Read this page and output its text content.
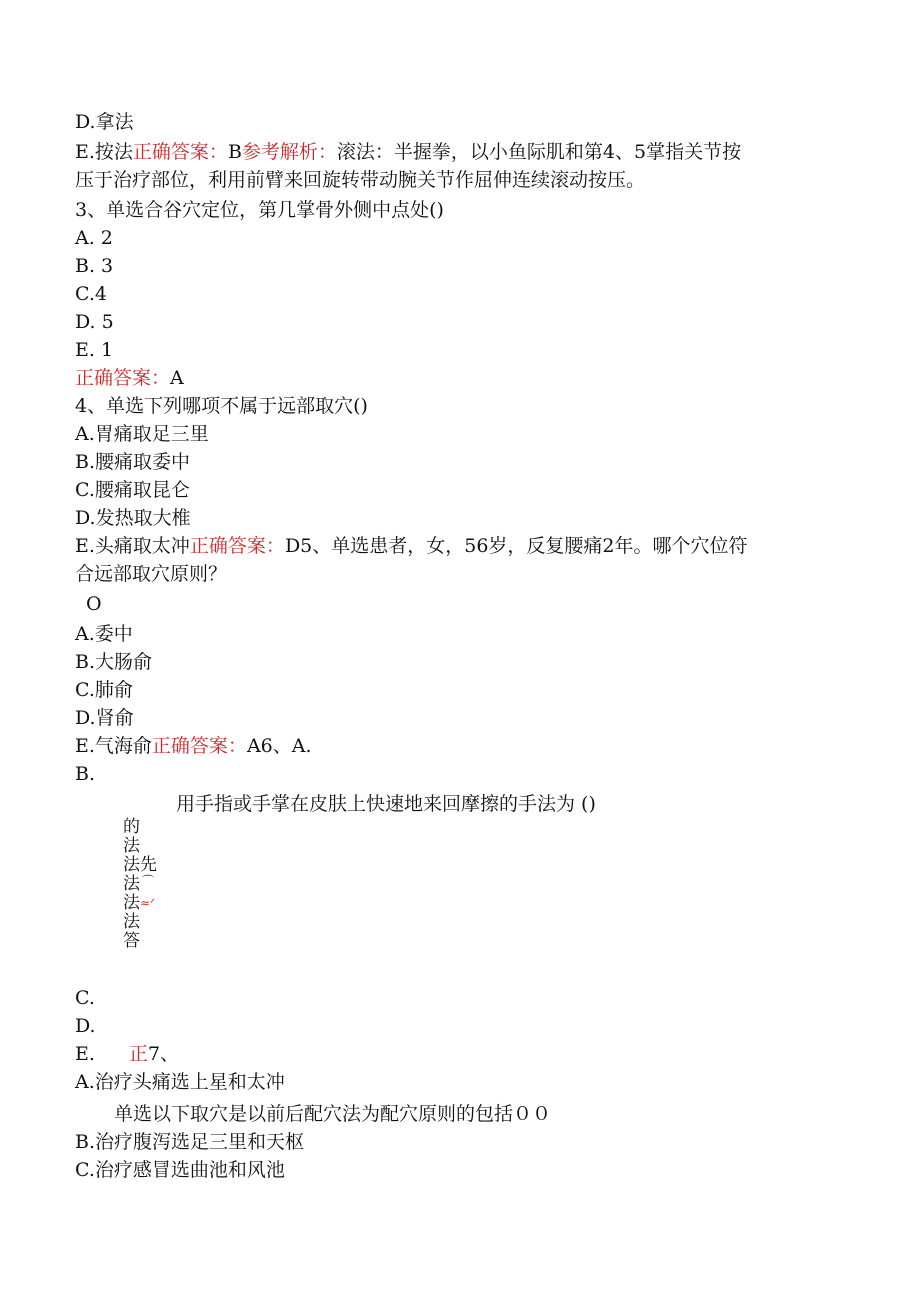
D.拿法
E.按法正确答案：B参考解析：滚法：半握拳，以小鱼际肌和第4、5掌指关节按
压于治疗部位，利用前臂来回旋转带动腕关节作屈伸连续滚动按压。
3、单选合谷穴定位，第几掌骨外侧中点处()
A. 2
B. 3
C.4
D. 5
E. 1
正确答案：A
4、单选下列哪项不属于远部取穴()
A.胃痛取足三里
B.腰痛取委中
C.腰痛取昆仑
D.发热取大椎
E.头痛取太冲正确答案：D5、单选患者，女，56岁，反复腰痛2年。哪个穴位符
合远部取穴原则？
O
A.委中
B.大肠俞
C.肺俞
D.肾俞
E.气海俞正确答案：A6、A.
B.
用手指或手掌在皮肤上快速地来回摩擦的手法为 ()
的
法
法
法
法
法
答
先
⌒
≈ᐟ
C.
D.
E. 正7、
A.治疗头痛选上星和太冲
单选以下取穴是以前后配穴法为配穴原则的包括００
B.治疗腹泻选足三里和天枢
C.治疗感冒选曲池和风池
